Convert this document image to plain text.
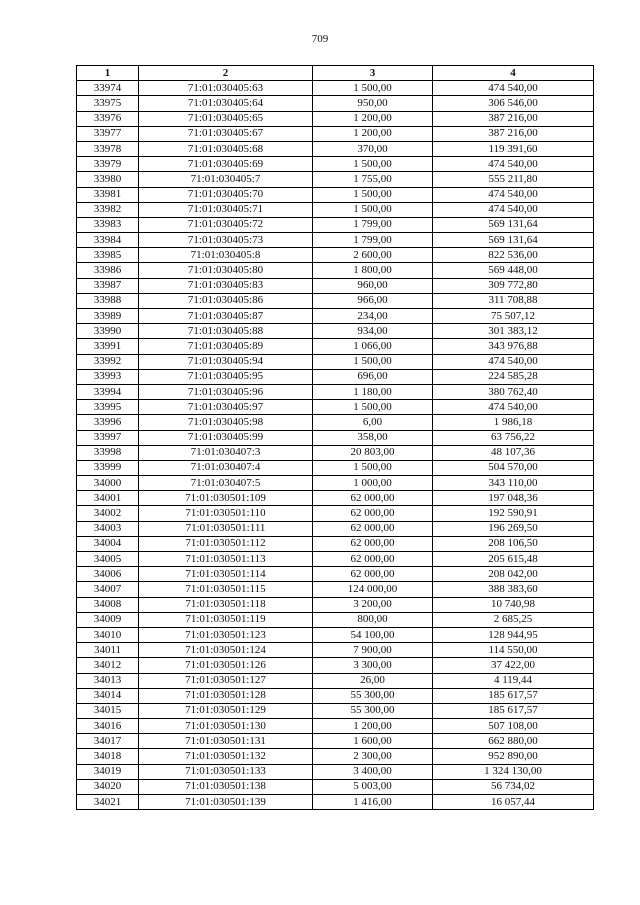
709
1	2	3	4
33974	71:01:030405:63	1 500,00	474 540,00
33975	71:01:030405:64	950,00	306 546,00
33976	71:01:030405:65	1 200,00	387 216,00
33977	71:01:030405:67	1 200,00	387 216,00
33978	71:01:030405:68	370,00	119 391,60
33979	71:01:030405:69	1 500,00	474 540,00
33980	71:01:030405:7	1 755,00	555 211,80
33981	71:01:030405:70	1 500,00	474 540,00
33982	71:01:030405:71	1 500,00	474 540,00
33983	71:01:030405:72	1 799,00	569 131,64
33984	71:01:030405:73	1 799,00	569 131,64
33985	71:01:030405:8	2 600,00	822 536,00
33986	71:01:030405:80	1 800,00	569 448,00
33987	71:01:030405:83	960,00	309 772,80
33988	71:01:030405:86	966,00	311 708,88
33989	71:01:030405:87	234,00	75 507,12
33990	71:01:030405:88	934,00	301 383,12
33991	71:01:030405:89	1 066,00	343 976,88
33992	71:01:030405:94	1 500,00	474 540,00
33993	71:01:030405:95	696,00	224 585,28
33994	71:01:030405:96	1 180,00	380 762,40
33995	71:01:030405:97	1 500,00	474 540,00
33996	71:01:030405:98	6,00	1 986,18
33997	71:01:030405:99	358,00	63 756,22
33998	71:01:030407:3	20 803,00	48 107,36
33999	71:01:030407:4	1 500,00	504 570,00
34000	71:01:030407:5	1 000,00	343 110,00
34001	71:01:030501:109	62 000,00	197 048,36
34002	71:01:030501:110	62 000,00	192 590,91
34003	71:01:030501:111	62 000,00	196 269,50
34004	71:01:030501:112	62 000,00	208 106,50
34005	71:01:030501:113	62 000,00	205 615,48
34006	71:01:030501:114	62 000,00	208 042,00
34007	71:01:030501:115	124 000,00	388 383,60
34008	71:01:030501:118	3 200,00	10 740,98
34009	71:01:030501:119	800,00	2 685,25
34010	71:01:030501:123	54 100,00	128 944,95
34011	71:01:030501:124	7 900,00	114 550,00
34012	71:01:030501:126	3 300,00	37 422,00
34013	71:01:030501:127	26,00	4 119,44
34014	71:01:030501:128	55 300,00	185 617,57
34015	71:01:030501:129	55 300,00	185 617,57
34016	71:01:030501:130	1 200,00	507 108,00
34017	71:01:030501:131	1 600,00	662 880,00
34018	71:01:030501:132	2 300,00	952 890,00
34019	71:01:030501:133	3 400,00	1 324 130,00
34020	71:01:030501:138	5 003,00	56 734,02
34021	71:01:030501:139	1 416,00	16 057,44
